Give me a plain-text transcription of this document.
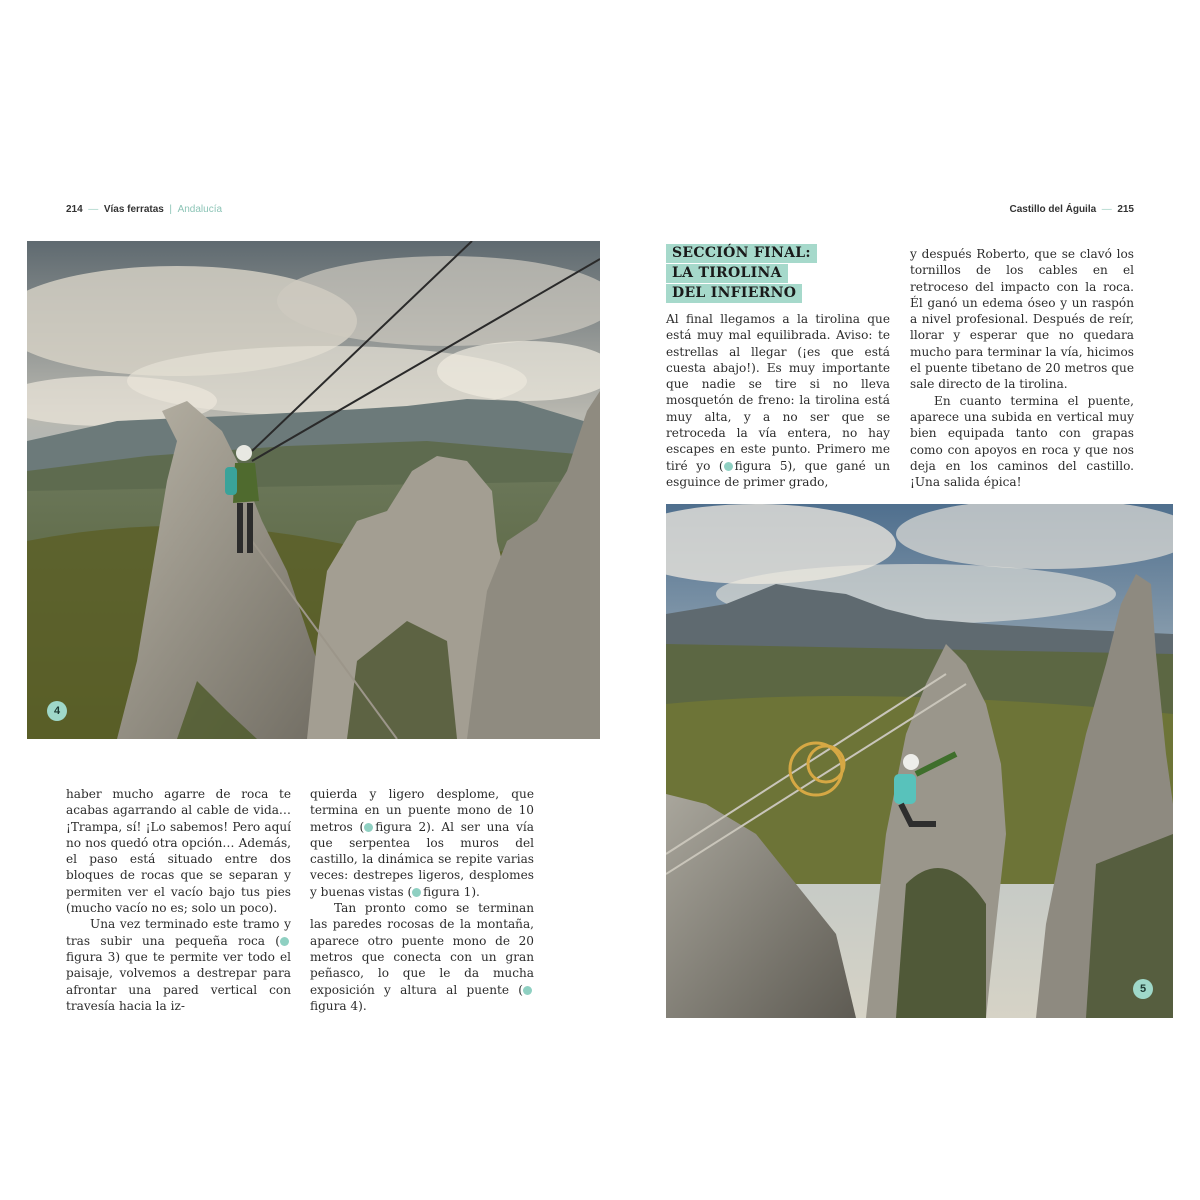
214  —  Vías ferratas  |  Andalucía	Castillo del Águila  —  215
4

haber mucho agarre de roca te acabas agarrando al cable de vida… ¡Trampa, sí! ¡Lo sabemos! Pero aquí no nos quedó otra opción… Además, el paso está situado entre dos bloques de rocas que se separan y permiten ver el vacío bajo tus pies (mucho vacío no es; solo un poco).

Una vez terminado este tramo y tras subir una pequeña roca (figura 3) que te permite ver todo el paisaje, volvemos a destrepar para afrontar una pared vertical con travesía hacia la iz-

quierda y ligero desplome, que termina en un puente mono de 10 metros ( figura 2). Al ser una vía que serpentea los muros del castillo, la dinámica se repite varias veces: destrepes ligeros, desplomes y buenas vistas ( figura 1).

Tan pronto como se terminan las paredes rocosas de la montaña, aparece otro puente mono de 20 metros que conecta con un gran peñasco, lo que le da mucha exposición y altura al puente (figura 4).

SECCIÓN FINAL:
LA TIROLINA
DEL INFIERNO

Al final llegamos a la tirolina que está muy mal equilibrada. Aviso: te estrellas al llegar (¡es que está cuesta abajo!). Es muy importante que nadie se tire si no lleva mosquetón de freno: la tirolina está muy alta, y a no ser que se retroceda la vía entera, no hay escapes en este punto. Primero me tiré yo ( figura 5), que gané un esguince de primer grado,

y después Roberto, que se clavó los tornillos de los cables en el retroceso del impacto con la roca. Él ganó un edema óseo y un raspón a nivel profesional. Después de reír, llorar y esperar que no quedara mucho para terminar la vía, hicimos el puente tibetano de 20 metros que sale directo de la tirolina.

En cuanto termina el puente, aparece una subida en vertical muy bien equipada tanto con grapas como con apoyos en roca y que nos deja en los caminos del castillo. ¡Una salida épica!

5
